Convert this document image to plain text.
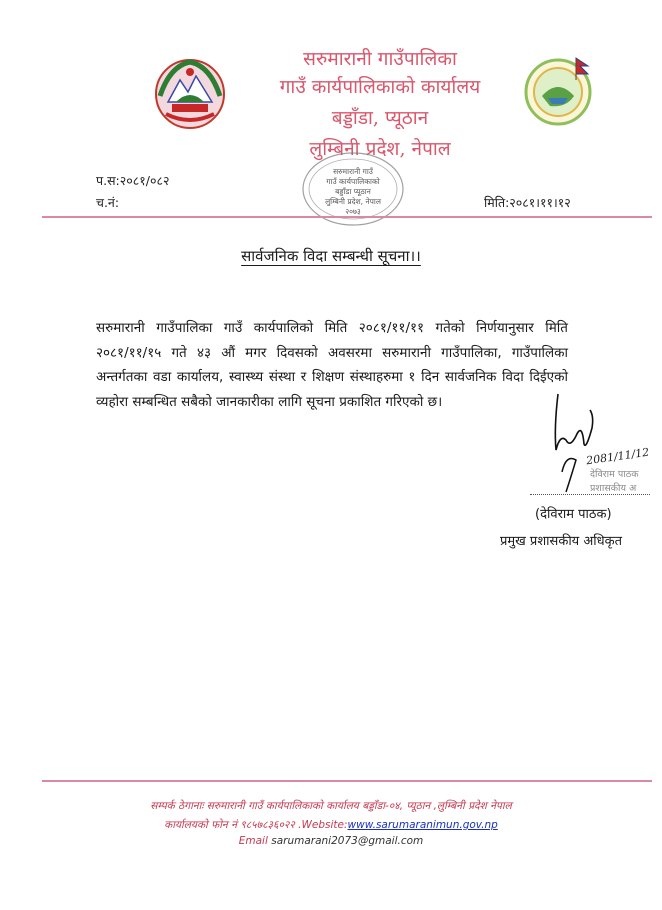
सरुमारानी गाउँपालिका
गाउँ कार्यपालिकाको कार्यालय
बड्डाँडा, प्यूठान
लुम्बिनी प्रदेश, नेपाल
सरुमारानी गाउँ
गाउँ कार्यपालिकाको
बड्डाँडा प्यूठान
लुम्बिनी प्रदेश, नेपाल
२०७३
प.स:२०८१/०८२
च.नं:	मिति:२०८१।११।१२
सार्वजनिक विदा सम्बन्धी सूचना।।
सरुमारानी गाउँपालिका गाउँ कार्यपालिको मिति २०८१/११/११ गतेको निर्णयानुसार मिति २०८१/११/१५ गते ४३ औं मगर दिवसको अवसरमा सरुमारानी गाउँपालिका, गाउँपालिका अन्तर्गतका वडा कार्यालय, स्वास्थ्य संस्था र शिक्षण संस्थाहरुमा १ दिन सार्वजनिक विदा दिईएको व्यहोरा सम्बन्धित सबैको जानकारीका लागि सूचना प्रकाशित गरिएको छ।
2081/11/12
देविराम पाठक
प्रशासकीय अ
(देविराम पाठक)
प्रमुख प्रशासकीय अधिकृत
सम्पर्क ठेगानाः सरुमारानी गाउँ कार्यपालिकाको कार्यालय बड्डाँडा-०४, प्यूठान ,लुम्बिनी प्रदेश नेपाल
कार्यालयको फोन नं ९८५७८३६०२२ .Website:www.sarumaranimun.gov.np
Email sarumarani2073@gmail.com
